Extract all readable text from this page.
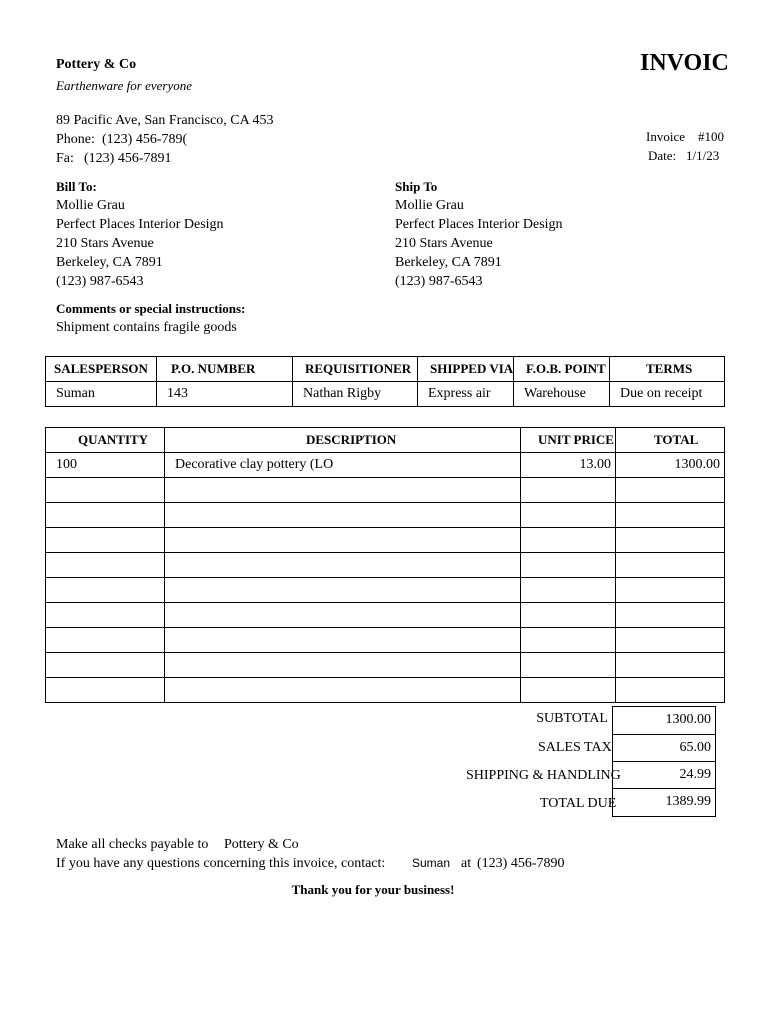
Pottery & Co
Earthenware for everyone
89 Pacific Ave, San Francisco, CA 453
Phone: (123) 456-789(
Fa: (123) 456-7891
INVOIC
Invoice #100
Date: 1/1/23
Bill To:
Mollie Grau
Perfect Places Interior Design
210 Stars Avenue
Berkeley, CA 7891
(123) 987-6543
Ship To
Mollie Grau
Perfect Places Interior Design
210 Stars Avenue
Berkeley, CA 7891
(123) 987-6543
Comments or special instructions:
Shipment contains fragile goods
SALESPERSON	P.O. NUMBER	REQUISITIONER	SHIPPED VIA	F.O.B. POINT	TERMS

Suman	143	Nathan Rigby	Express air	Warehouse	Due on receipt
QUANTITY	DESCRIPTION	UNIT PRICE	TOTAL

100	Decorative clay pottery (LO	13.00	1300.00

SUBTOTAL	1300.00
SALES TAX	65.00
SHIPPING & HANDLING	24.99
TOTAL DUE	1389.99
Make all checks payable to	Pottery & Co
If you have any questions concerning this invoice, contact:	Suman at (123) 456-7890
Thank you for your business!
